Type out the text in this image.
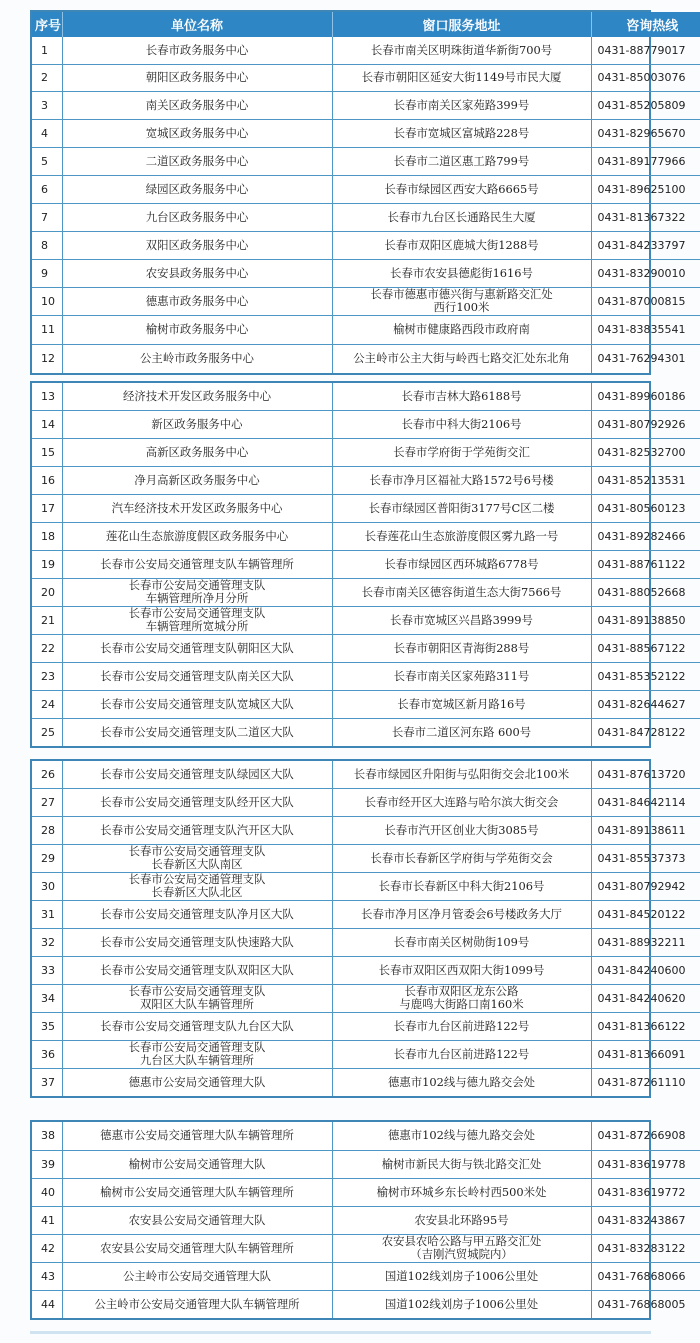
序号	单位名称	窗口服务地址	咨询热线
1	长春市政务服务中心	长春市南关区明珠街道华新街700号	0431-88779017
2	朝阳区政务服务中心	长春市朝阳区延安大街1149号市民大厦	0431-85003076
3	南关区政务服务中心	长春市南关区家苑路399号	0431-85205809
4	宽城区政务服务中心	长春市宽城区富城路228号	0431-82965670
5	二道区政务服务中心	长春市二道区惠工路799号	0431-89177966
6	绿园区政务服务中心	长春市绿园区西安大路6665号	0431-89625100
7	九台区政务服务中心	长春市九台区长通路民生大厦	0431-81367322
8	双阳区政务服务中心	长春市双阳区鹿城大街1288号	0431-84233797
9	农安县政务服务中心	长春市农安县德彪街1616号	0431-83290010
10	德惠市政务服务中心	长春市德惠市德兴街与惠新路交汇处
西行100米	0431-87000815
11	榆树市政务服务中心	榆树市健康路西段市政府南	0431-83835541
12	公主岭市政务服务中心	公主岭市公主大街与岭西七路交汇处东北角	0431-76294301
13	经济技术开发区政务服务中心	长春市吉林大路6188号	0431-89960186
14	新区政务服务中心	长春市中科大街2106号	0431-80792926
15	高新区政务服务中心	长春市学府街于学苑街交汇	0431-82532700
16	净月高新区政务服务中心	长春市净月区福祉大路1572号6号楼	0431-85213531
17	汽车经济技术开发区政务服务中心	长春市绿园区普阳街3177号C区二楼	0431-80560123
18	莲花山生态旅游度假区政务服务中心	长春莲花山生态旅游度假区雾九路一号	0431-89282466
19	长春市公安局交通管理支队车辆管理所	长春市绿园区西环城路6778号	0431-88761122
20	长春市公安局交通管理支队
车辆管理所净月分所	长春市南关区德容街道生态大街7566号	0431-88052668
21	长春市公安局交通管理支队
车辆管理所宽城分所	长春市宽城区兴昌路3999号	0431-89138850
22	长春市公安局交通管理支队朝阳区大队	长春市朝阳区青海街288号	0431-88567122
23	长春市公安局交通管理支队南关区大队	长春市南关区家苑路311号	0431-85352122
24	长春市公安局交通管理支队宽城区大队	长春市宽城区新月路16号	0431-82644627
25	长春市公安局交通管理支队二道区大队	长春市二道区河东路 600号	0431-84728122
26	长春市公安局交通管理支队绿园区大队	长春市绿园区升阳街与弘阳街交会北100米	0431-87613720
27	长春市公安局交通管理支队经开区大队	长春市经开区大连路与哈尔滨大街交会	0431-84642114
28	长春市公安局交通管理支队汽开区大队	长春市汽开区创业大街3085号	0431-89138611
29	长春市公安局交通管理支队
长春新区大队南区	长春市长春新区学府街与学苑街交会	0431-85537373
30	长春市公安局交通管理支队
长春新区大队北区	长春市长春新区中科大街2106号	0431-80792942
31	长春市公安局交通管理支队净月区大队	长春市净月区净月管委会6号楼政务大厅	0431-84520122
32	长春市公安局交通管理支队快速路大队	长春市南关区树勋街109号	0431-88932211
33	长春市公安局交通管理支队双阳区大队	长春市双阳区西双阳大街1099号	0431-84240600
34	长春市公安局交通管理支队
双阳区大队车辆管理所	长春市双阳区龙东公路
与鹿鸣大街路口南160米	0431-84240620
35	长春市公安局交通管理支队九台区大队	长春市九台区前进路122号	0431-81366122
36	长春市公安局交通管理支队
九台区大队车辆管理所	长春市九台区前进路122号	0431-81366091
37	德惠市公安局交通管理大队	德惠市102线与德九路交会处	0431-87261110
38	德惠市公安局交通管理大队车辆管理所	德惠市102线与德九路交会处	0431-87266908
39	榆树市公安局交通管理大队	榆树市新民大街与铁北路交汇处	0431-83619778
40	榆树市公安局交通管理大队车辆管理所	榆树市环城乡东长岭村西500米处	0431-83619772
41	农安县公安局交通管理大队	农安县北环路95号	0431-83243867
42	农安县公安局交通管理大队车辆管理所	农安县农哈公路与甲五路交汇处
（吉刚汽贸城院内）	0431-83283122
43	公主岭市公安局交通管理大队	国道102线刘房子1006公里处	0431-76868066
44	公主岭市公安局交通管理大队车辆管理所	国道102线刘房子1006公里处	0431-76868005
